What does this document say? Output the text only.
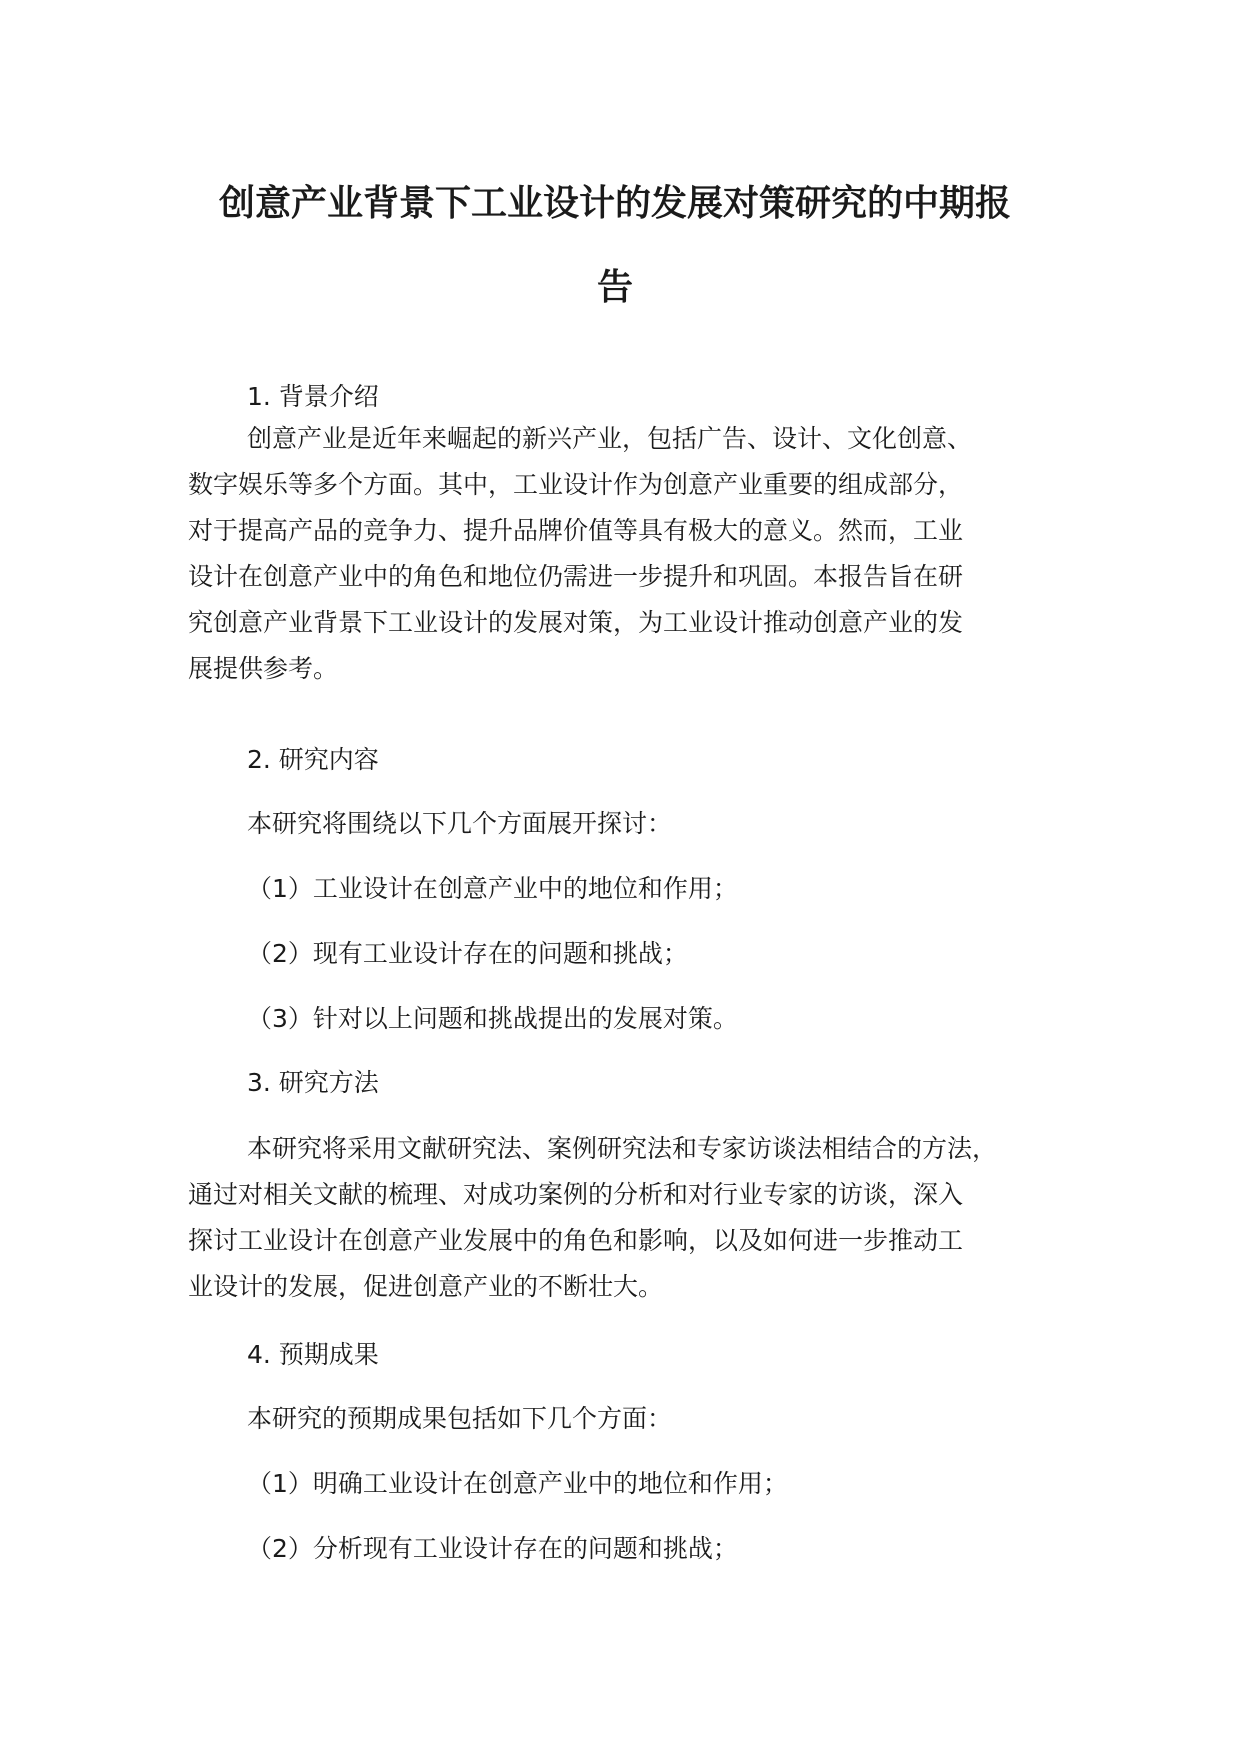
创意产业背景下工业设计的发展对策研究的中期报
告
1. 背景介绍

创意产业是近年来崛起的新兴产业，包括广告、设计、文化创意、

数字娱乐等多个方面。其中，工业设计作为创意产业重要的组成部分，

对于提高产品的竞争力、提升品牌价值等具有极大的意义。然而，工业

设计在创意产业中的角色和地位仍需进一步提升和巩固。本报告旨在研

究创意产业背景下工业设计的发展对策，为工业设计推动创意产业的发

展提供参考。

2. 研究内容
本研究将围绕以下几个方面展开探讨：
（1）工业设计在创意产业中的地位和作用；
（2）现有工业设计存在的问题和挑战；
（3）针对以上问题和挑战提出的发展对策。
3. 研究方法

本研究将采用文献研究法、案例研究法和专家访谈法相结合的方法，

通过对相关文献的梳理、对成功案例的分析和对行业专家的访谈，深入

探讨工业设计在创意产业发展中的角色和影响，以及如何进一步推动工

业设计的发展，促进创意产业的不断壮大。

4. 预期成果
本研究的预期成果包括如下几个方面：
（1）明确工业设计在创意产业中的地位和作用；
（2）分析现有工业设计存在的问题和挑战；
